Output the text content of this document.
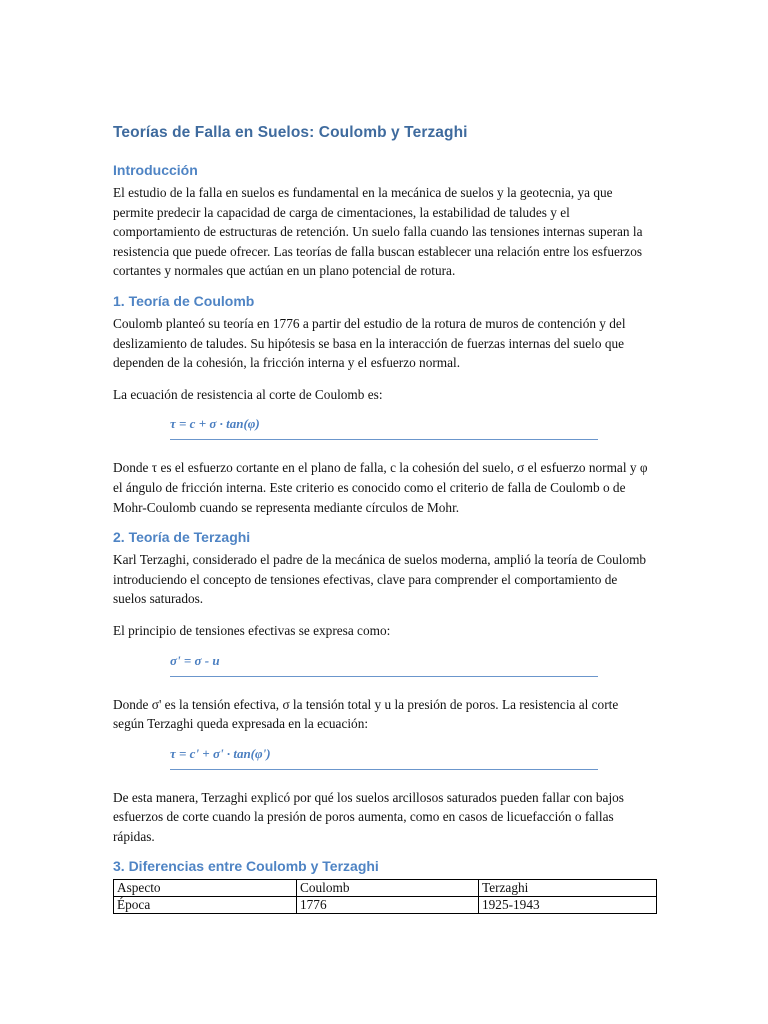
Teorías de Falla en Suelos: Coulomb y Terzaghi
Introducción
El estudio de la falla en suelos es fundamental en la mecánica de suelos y la geotecnia, ya que permite predecir la capacidad de carga de cimentaciones, la estabilidad de taludes y el comportamiento de estructuras de retención. Un suelo falla cuando las tensiones internas superan la resistencia que puede ofrecer. Las teorías de falla buscan establecer una relación entre los esfuerzos cortantes y normales que actúan en un plano potencial de rotura.
1. Teoría de Coulomb
Coulomb planteó su teoría en 1776 a partir del estudio de la rotura de muros de contención y del deslizamiento de taludes. Su hipótesis se basa en la interacción de fuerzas internas del suelo que dependen de la cohesión, la fricción interna y el esfuerzo normal.
La ecuación de resistencia al corte de Coulomb es:
τ = c + σ · tan(φ)
Donde τ es el esfuerzo cortante en el plano de falla, c la cohesión del suelo, σ el esfuerzo normal y φ el ángulo de fricción interna. Este criterio es conocido como el criterio de falla de Coulomb o de Mohr-Coulomb cuando se representa mediante círculos de Mohr.
2. Teoría de Terzaghi
Karl Terzaghi, considerado el padre de la mecánica de suelos moderna, amplió la teoría de Coulomb introduciendo el concepto de tensiones efectivas, clave para comprender el comportamiento de suelos saturados.
El principio de tensiones efectivas se expresa como:
σ' = σ - u
Donde σ' es la tensión efectiva, σ la tensión total y u la presión de poros. La resistencia al corte según Terzaghi queda expresada en la ecuación:
τ = c' + σ' · tan(φ')
De esta manera, Terzaghi explicó por qué los suelos arcillosos saturados pueden fallar con bajos esfuerzos de corte cuando la presión de poros aumenta, como en casos de licuefacción o fallas rápidas.
3. Diferencias entre Coulomb y Terzaghi
Aspecto	Coulomb	Terzaghi
Época	1776	1925-1943
